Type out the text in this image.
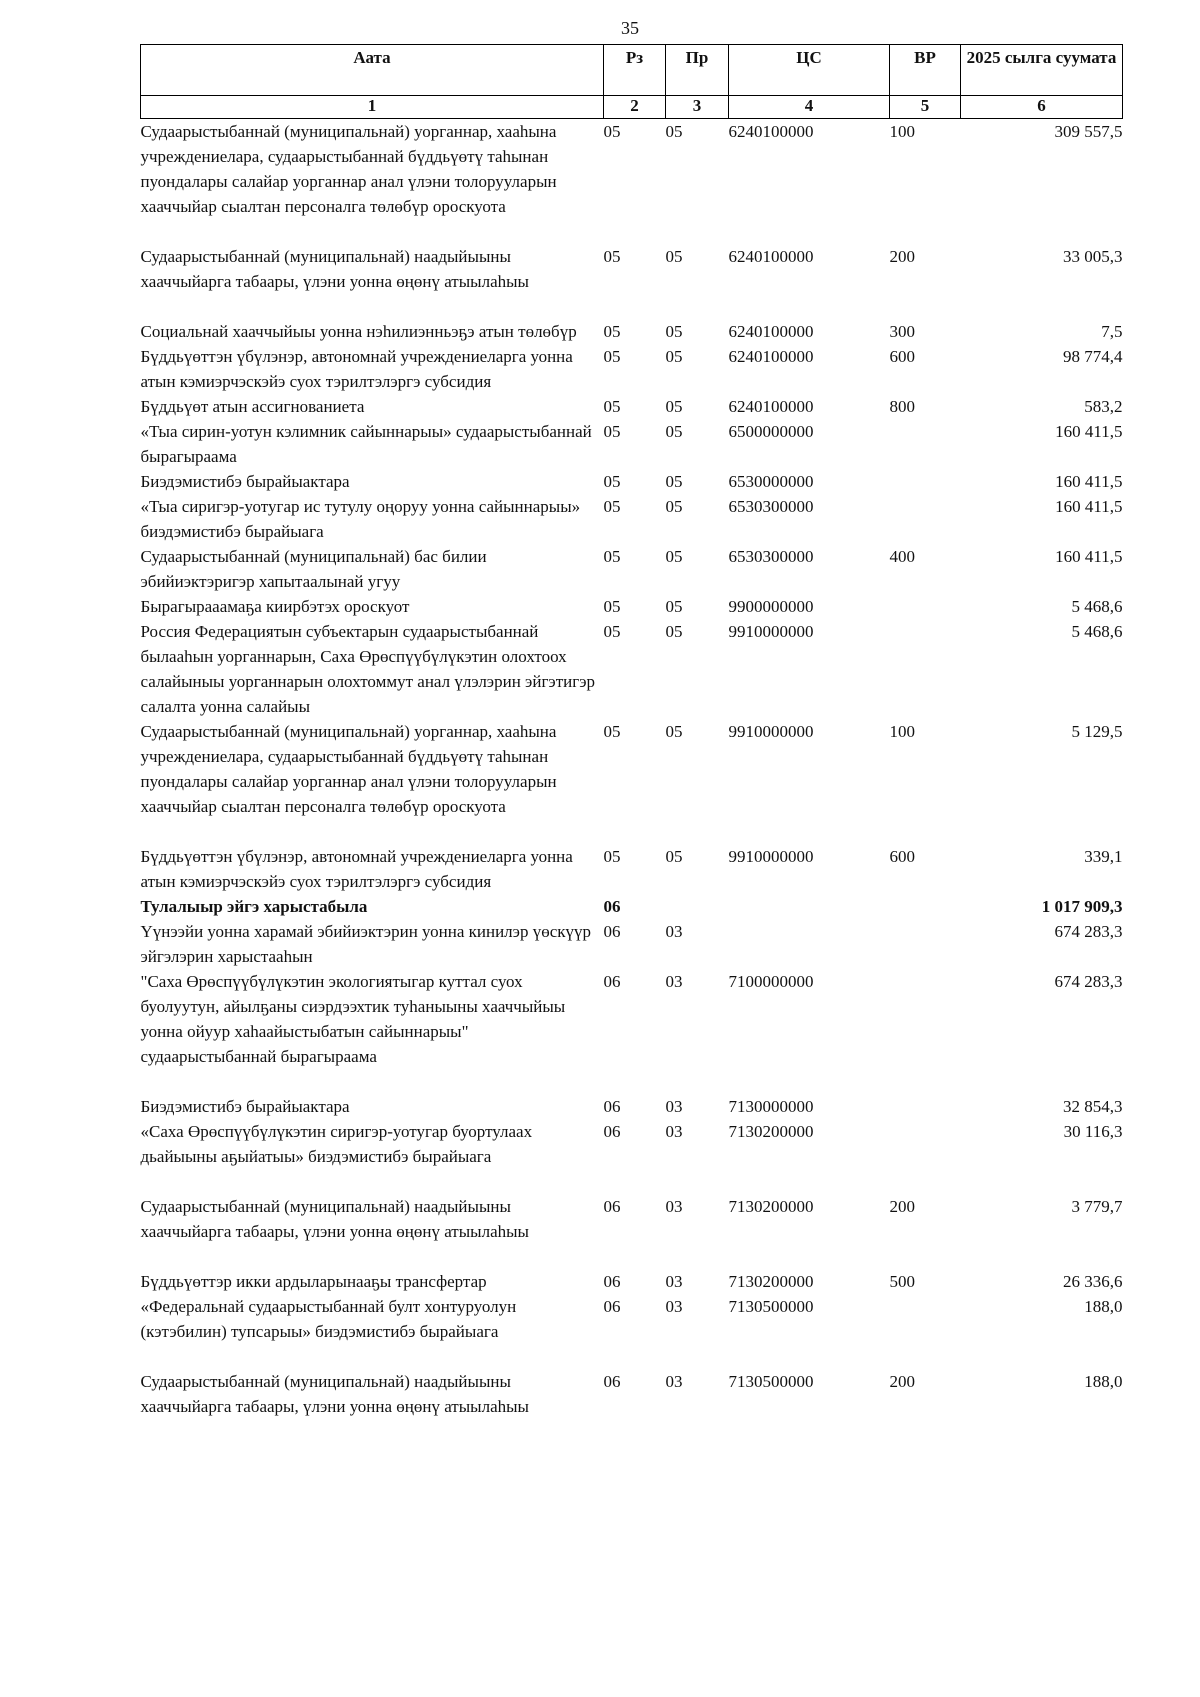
35
Аата	Рз	Пр	ЦС	ВР	2025 сылга суумата
1	2	3	4	5	6
Судаарыстыбаннай (муниципальнай) уорганнар, хааһына учреждениелара, судаарыстыбаннай бүддьүөтү таһынан пуондалары салайар уорганнар анал үлэни толорууларын хааччыйар сыалтан персоналга төлөбүр ороскуота	05	05	6240100000	100	309 557,5
Судаарыстыбаннай (муниципальнай) наадыйыыны хааччыйарга табаары, үлэни уонна өңөнү атыылаһыы	05	05	6240100000	200	33 005,3
Социальнай хааччыйыы уонна нэһилиэнньэҕэ атын төлөбүр	05	05	6240100000	300	7,5
Бүддьүөттэн үбүлэнэр, автономнай учреждениеларга уонна атын кэмиэрчэскэйэ суох тэрилтэлэргэ субсидия	05	05	6240100000	600	98 774,4
Бүддьүөт атын ассигнованиета	05	05	6240100000	800	583,2
«Тыа сирин-уотун кэлимник сайыннарыы» судаарыстыбаннай бырагыраама	05	05	6500000000		160 411,5
Биэдэмистибэ бырайыактара	05	05	6530000000		160 411,5
«Тыа сиригэр-уотугар ис тутулу оңоруу уонна сайыннарыы» биэдэмистибэ бырайыага	05	05	6530300000		160 411,5
Судаарыстыбаннай (муниципальнай) бас билии эбийиэктэригэр хапытаалынай угуу	05	05	6530300000	400	160 411,5
Бырагырааамаҕа киирбэтэх ороскуот	05	05	9900000000		5 468,6
Россия Федерациятын субъектарын судаарыстыбаннай былааһын уорганнарын, Саха Өрөспүүбүлүкэтин олохтоох салайыныы уорганнарын олохтоммут анал үлэлэрин эйгэтигэр салалта уонна салайыы	05	05	9910000000		5 468,6
Судаарыстыбаннай (муниципальнай) уорганнар, хааһына учреждениелара, судаарыстыбаннай бүддьүөтү таһынан пуондалары салайар уорганнар анал үлэни толорууларын хааччыйар сыалтан персоналга төлөбүр ороскуота	05	05	9910000000	100	5 129,5
Бүддьүөттэн үбүлэнэр, автономнай учреждениеларга уонна атын кэмиэрчэскэйэ суох тэрилтэлэргэ субсидия	05	05	9910000000	600	339,1
Тулалыыр эйгэ харыстабыла	06				1 017 909,3
Үүнээйи уонна харамай эбийиэктэрин уонна кинилэр үөскүүр эйгэлэрин харыстааһын	06	03			674 283,3
"Саха Өрөспүүбүлүкэтин экологиятыгар куттал суох буолуутун, айылҕаны сиэрдээхтик туһаныыны хааччыйыы уонна ойуур хаһаайыстыбатын сайыннарыы" судаарыстыбаннай бырагыраама	06	03	7100000000		674 283,3
Биэдэмистибэ бырайыактара	06	03	7130000000		32 854,3
«Саха Өрөспүүбүлүкэтин сиригэр-уотугар буортулаах дьайыыны аҕыйатыы» биэдэмистибэ бырайыага	06	03	7130200000		30 116,3
Судаарыстыбаннай (муниципальнай) наадыйыыны хааччыйарга табаары, үлэни уонна өңөнү атыылаһыы	06	03	7130200000	200	3 779,7
Бүддьүөттэр икки ардыларынааҕы трансфертар	06	03	7130200000	500	26 336,6
«Федеральнай судаарыстыбаннай булт хонтуруолун (кэтэбилин) тупсарыы» биэдэмистибэ бырайыага	06	03	7130500000		188,0
Судаарыстыбаннай (муниципальнай) наадыйыыны хааччыйарга табаары, үлэни уонна өңөнү атыылаһыы	06	03	7130500000	200	188,0
